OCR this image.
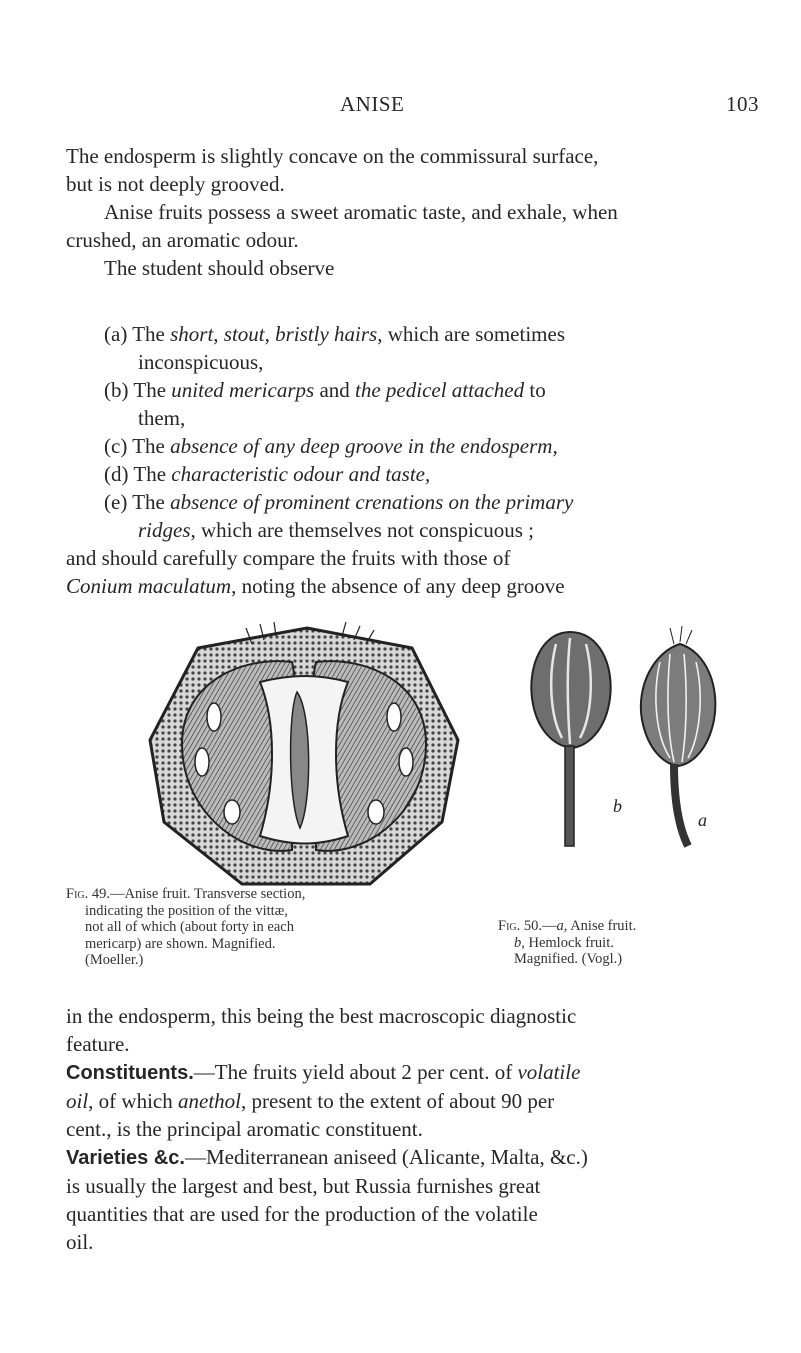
ANISE	103

The endosperm is slightly concave on the commissural surface,

but is not deeply grooved.

Anise fruits possess a sweet aromatic taste, and exhale, when

crushed, an aromatic odour.

The student should observe

(a) The short, stout, bristly hairs, which are sometimes
inconspicuous,
(b) The united mericarps and the pedicel attached to
them,
(c) The absence of any deep groove in the endosperm,
(d) The characteristic odour and taste,
(e) The absence of prominent crenations on the primary
ridges, which are themselves not conspicuous ;

and should carefully compare the fruits with those of

Conium maculatum, noting the absence of any deep groove

Fig. 49.—Anise fruit. Transverse section,
indicating the position of the vittæ,
not all of which (about forty in each
mericarp) are shown. Magnified.
(Moeller.)
b
a
Fig. 50.—a, Anise fruit.
b, Hemlock fruit.
Magnified. (Vogl.)

in the endosperm, this being the best macroscopic diagnostic

feature.

Constituents.—The fruits yield about 2 per cent. of volatile

oil, of which anethol, present to the extent of about 90 per

cent., is the principal aromatic constituent.

Varieties &c.—Mediterranean aniseed (Alicante, Malta, &c.)

is usually the largest and best, but Russia furnishes great

quantities that are used for the production of the volatile

oil.
